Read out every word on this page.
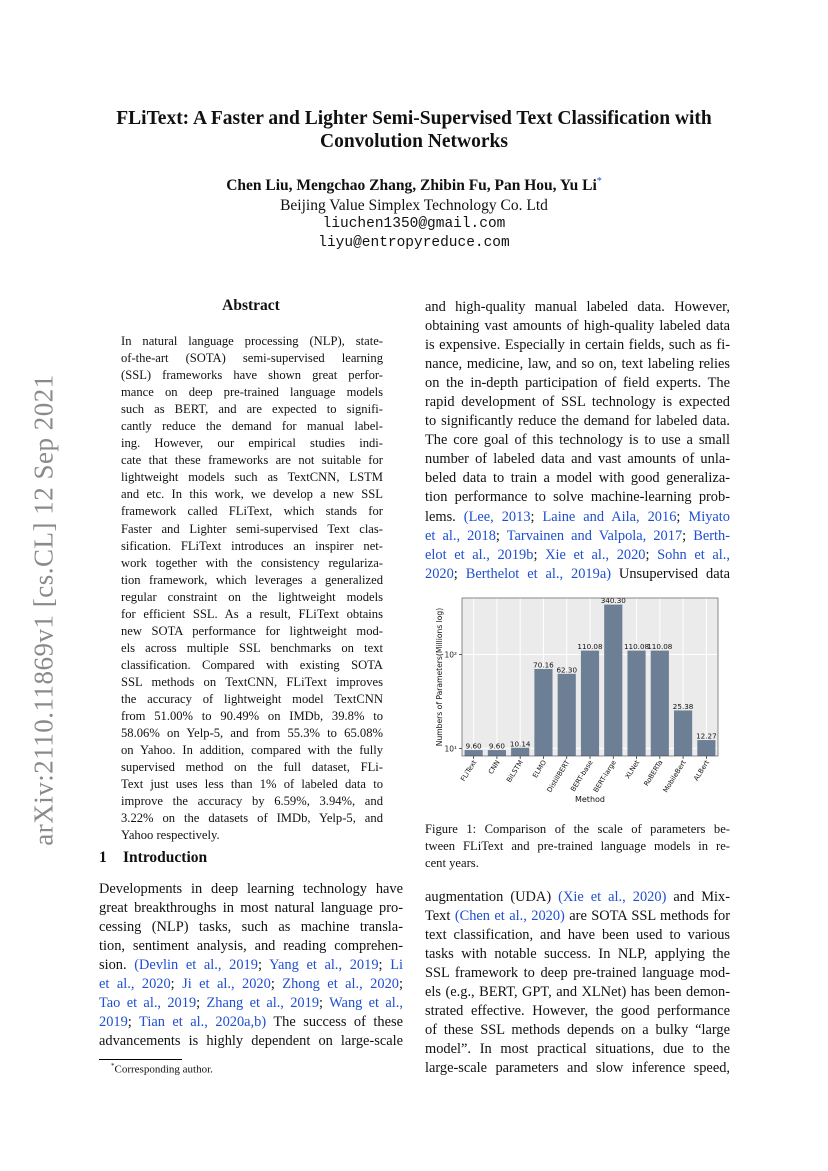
arXiv:2110.11869v1 [cs.CL] 12 Sep 2021
FLiText: A Faster and Lighter Semi-Supervised Text Classification with
Convolution Networks
Chen Liu, Mengchao Zhang, Zhibin Fu, Pan Hou, Yu Li*
Beijing Value Simplex Technology Co. Ltd
liuchen1350@gmail.com
liyu@entropyreduce.com
Abstract
In natural language processing (NLP), state-
of-the-art (SOTA) semi-supervised learning
(SSL) frameworks have shown great perfor-
mance on deep pre-trained language models
such as BERT, and are expected to signifi-
cantly reduce the demand for manual label-
ing. However, our empirical studies indi-
cate that these frameworks are not suitable for
lightweight models such as TextCNN, LSTM
and etc. In this work, we develop a new SSL
framework called FLiText, which stands for
Faster and Lighter semi-supervised Text clas-
sification. FLiText introduces an inspirer net-
work together with the consistency regulariza-
tion framework, which leverages a generalized
regular constraint on the lightweight models
for efficient SSL. As a result, FLiText obtains
new SOTA performance for lightweight mod-
els across multiple SSL benchmarks on text
classification. Compared with existing SOTA
SSL methods on TextCNN, FLiText improves
the accuracy of lightweight model TextCNN
from 51.00% to 90.49% on IMDb, 39.8% to
58.06% on Yelp-5, and from 55.3% to 65.08%
on Yahoo. In addition, compared with the fully
supervised method on the full dataset, FLi-
Text just uses less than 1% of labeled data to
improve the accuracy by 6.59%, 3.94%, and
3.22% on the datasets of IMDb, Yelp-5, and
Yahoo respectively.
1 Introduction
Developments in deep learning technology have
great breakthroughs in most natural language pro-
cessing (NLP) tasks, such as machine transla-
tion, sentiment analysis, and reading comprehen-
sion. (Devlin et al., 2019; Yang et al., 2019; Li
et al., 2020; Ji et al., 2020; Zhong et al., 2020;
Tao et al., 2019; Zhang et al., 2019; Wang et al.,
2019; Tian et al., 2020a,b) The success of these
advancements is highly dependent on large-scale
*Corresponding author.
and high-quality manual labeled data. However,
obtaining vast amounts of high-quality labeled data
is expensive. Especially in certain fields, such as fi-
nance, medicine, law, and so on, text labeling relies
on the in-depth participation of field experts. The
rapid development of SSL technology is expected
to significantly reduce the demand for labeled data.
The core goal of this technology is to use a small
number of labeled data and vast amounts of unla-
beled data to train a model with good generaliza-
tion performance to solve machine-learning prob-
lems. (Lee, 2013; Laine and Aila, 2016; Miyato
et al., 2018; Tarvainen and Valpola, 2017; Berth-
elot et al., 2019b; Xie et al., 2020; Sohn et al.,
2020; Berthelot et al., 2019a) Unsupervised data
10¹
10²
9.60
FLiText
9.60
CNN
10.14
BiLSTM
70.16
ELMO
62.30
DistillBERT
110.08
BERT-base
340.30
BERT-large
110.08
XLNet
110.08
RoBERTa
25.38
MobileBert
12.27
ALBert
Method
Numbers of Parameters(Millions log)
Figure 1: Comparison of the scale of parameters be-
tween FLiText and pre-trained language models in re-
cent years.
augmentation (UDA) (Xie et al., 2020) and Mix-
Text (Chen et al., 2020) are SOTA SSL methods for
text classification, and have been used to various
tasks with notable success. In NLP, applying the
SSL framework to deep pre-trained language mod-
els (e.g., BERT, GPT, and XLNet) has been demon-
strated effective. However, the good performance
of these SSL methods depends on a bulky “large
model”. In most practical situations, due to the
large-scale parameters and slow inference speed,
